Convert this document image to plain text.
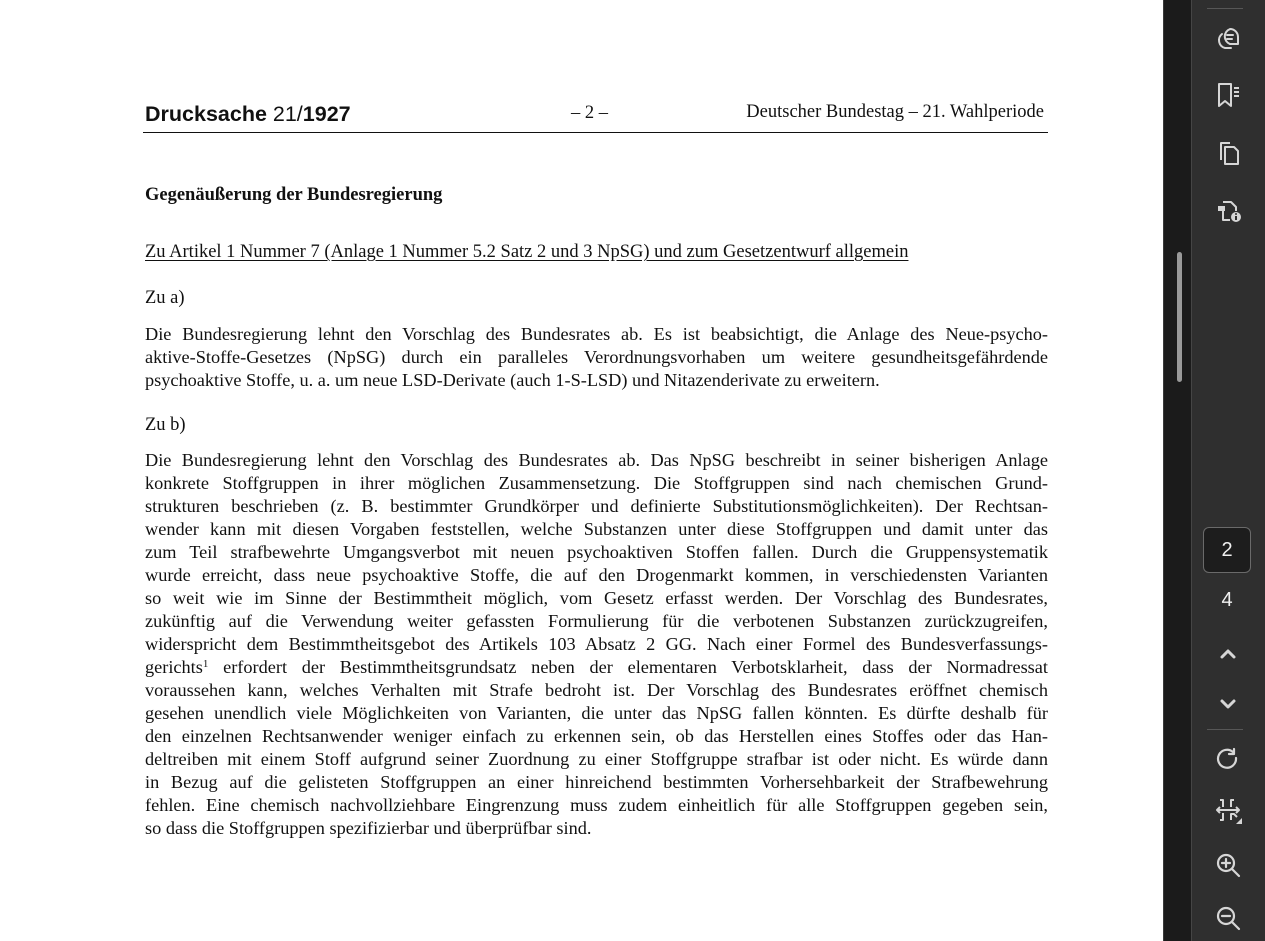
Drucksache 21/1927	– 2 –	Deutscher Bundestag – 21. Wahlperiode
Gegenäußerung der Bundesregierung
Zu Artikel 1 Nummer 7 (Anlage 1 Nummer 5.2 Satz 2 und 3 NpSG) und zum Gesetzentwurf allgemein
Zu a)
Die Bundesregierung lehnt den Vorschlag des Bundesrates ab. Es ist beabsichtigt, die Anlage des Neue-psycho-
aktive-Stoffe-Gesetzes (NpSG) durch ein paralleles Verordnungsvorhaben um weitere gesundheitsgefährdende
psychoaktive Stoffe, u. a. um neue LSD-Derivate (auch 1-S-LSD) und Nitazenderivate zu erweitern.
Zu b)
Die Bundesregierung lehnt den Vorschlag des Bundesrates ab. Das NpSG beschreibt in seiner bisherigen Anlage
konkrete Stoffgruppen in ihrer möglichen Zusammensetzung. Die Stoffgruppen sind nach chemischen Grund-
strukturen beschrieben (z. B. bestimmter Grundkörper und definierte Substitutionsmöglichkeiten). Der Rechtsan-
wender kann mit diesen Vorgaben feststellen, welche Substanzen unter diese Stoffgruppen und damit unter das
zum Teil strafbewehrte Umgangsverbot mit neuen psychoaktiven Stoffen fallen. Durch die Gruppensystematik
wurde erreicht, dass neue psychoaktive Stoffe, die auf den Drogenmarkt kommen, in verschiedensten Varianten
so weit wie im Sinne der Bestimmtheit möglich, vom Gesetz erfasst werden. Der Vorschlag des Bundesrates,
zukünftig auf die Verwendung weiter gefassten Formulierung für die verbotenen Substanzen zurückzugreifen,
widerspricht dem Bestimmtheitsgebot des Artikels 103 Absatz 2 GG. Nach einer Formel des Bundesverfassungs-
gerichts$^1$ erfordert der Bestimmtheitsgrundsatz neben der elementaren Verbotsklarheit, dass der Normadressat
voraussehen kann, welches Verhalten mit Strafe bedroht ist. Der Vorschlag des Bundesrates eröffnet chemisch
gesehen unendlich viele Möglichkeiten von Varianten, die unter das NpSG fallen könnten. Es dürfte deshalb für
den einzelnen Rechtsanwender weniger einfach zu erkennen sein, ob das Herstellen eines Stoffes oder das Han-
deltreiben mit einem Stoff aufgrund seiner Zuordnung zu einer Stoffgruppe strafbar ist oder nicht. Es würde dann
in Bezug auf die gelisteten Stoffgruppen an einer hinreichend bestimmten Vorhersehbarkeit der Strafbewehrung
fehlen. Eine chemisch nachvollziehbare Eingrenzung muss zudem einheitlich für alle Stoffgruppen gegeben sein,
so dass die Stoffgruppen spezifizierbar und überprüfbar sind.
2
4
